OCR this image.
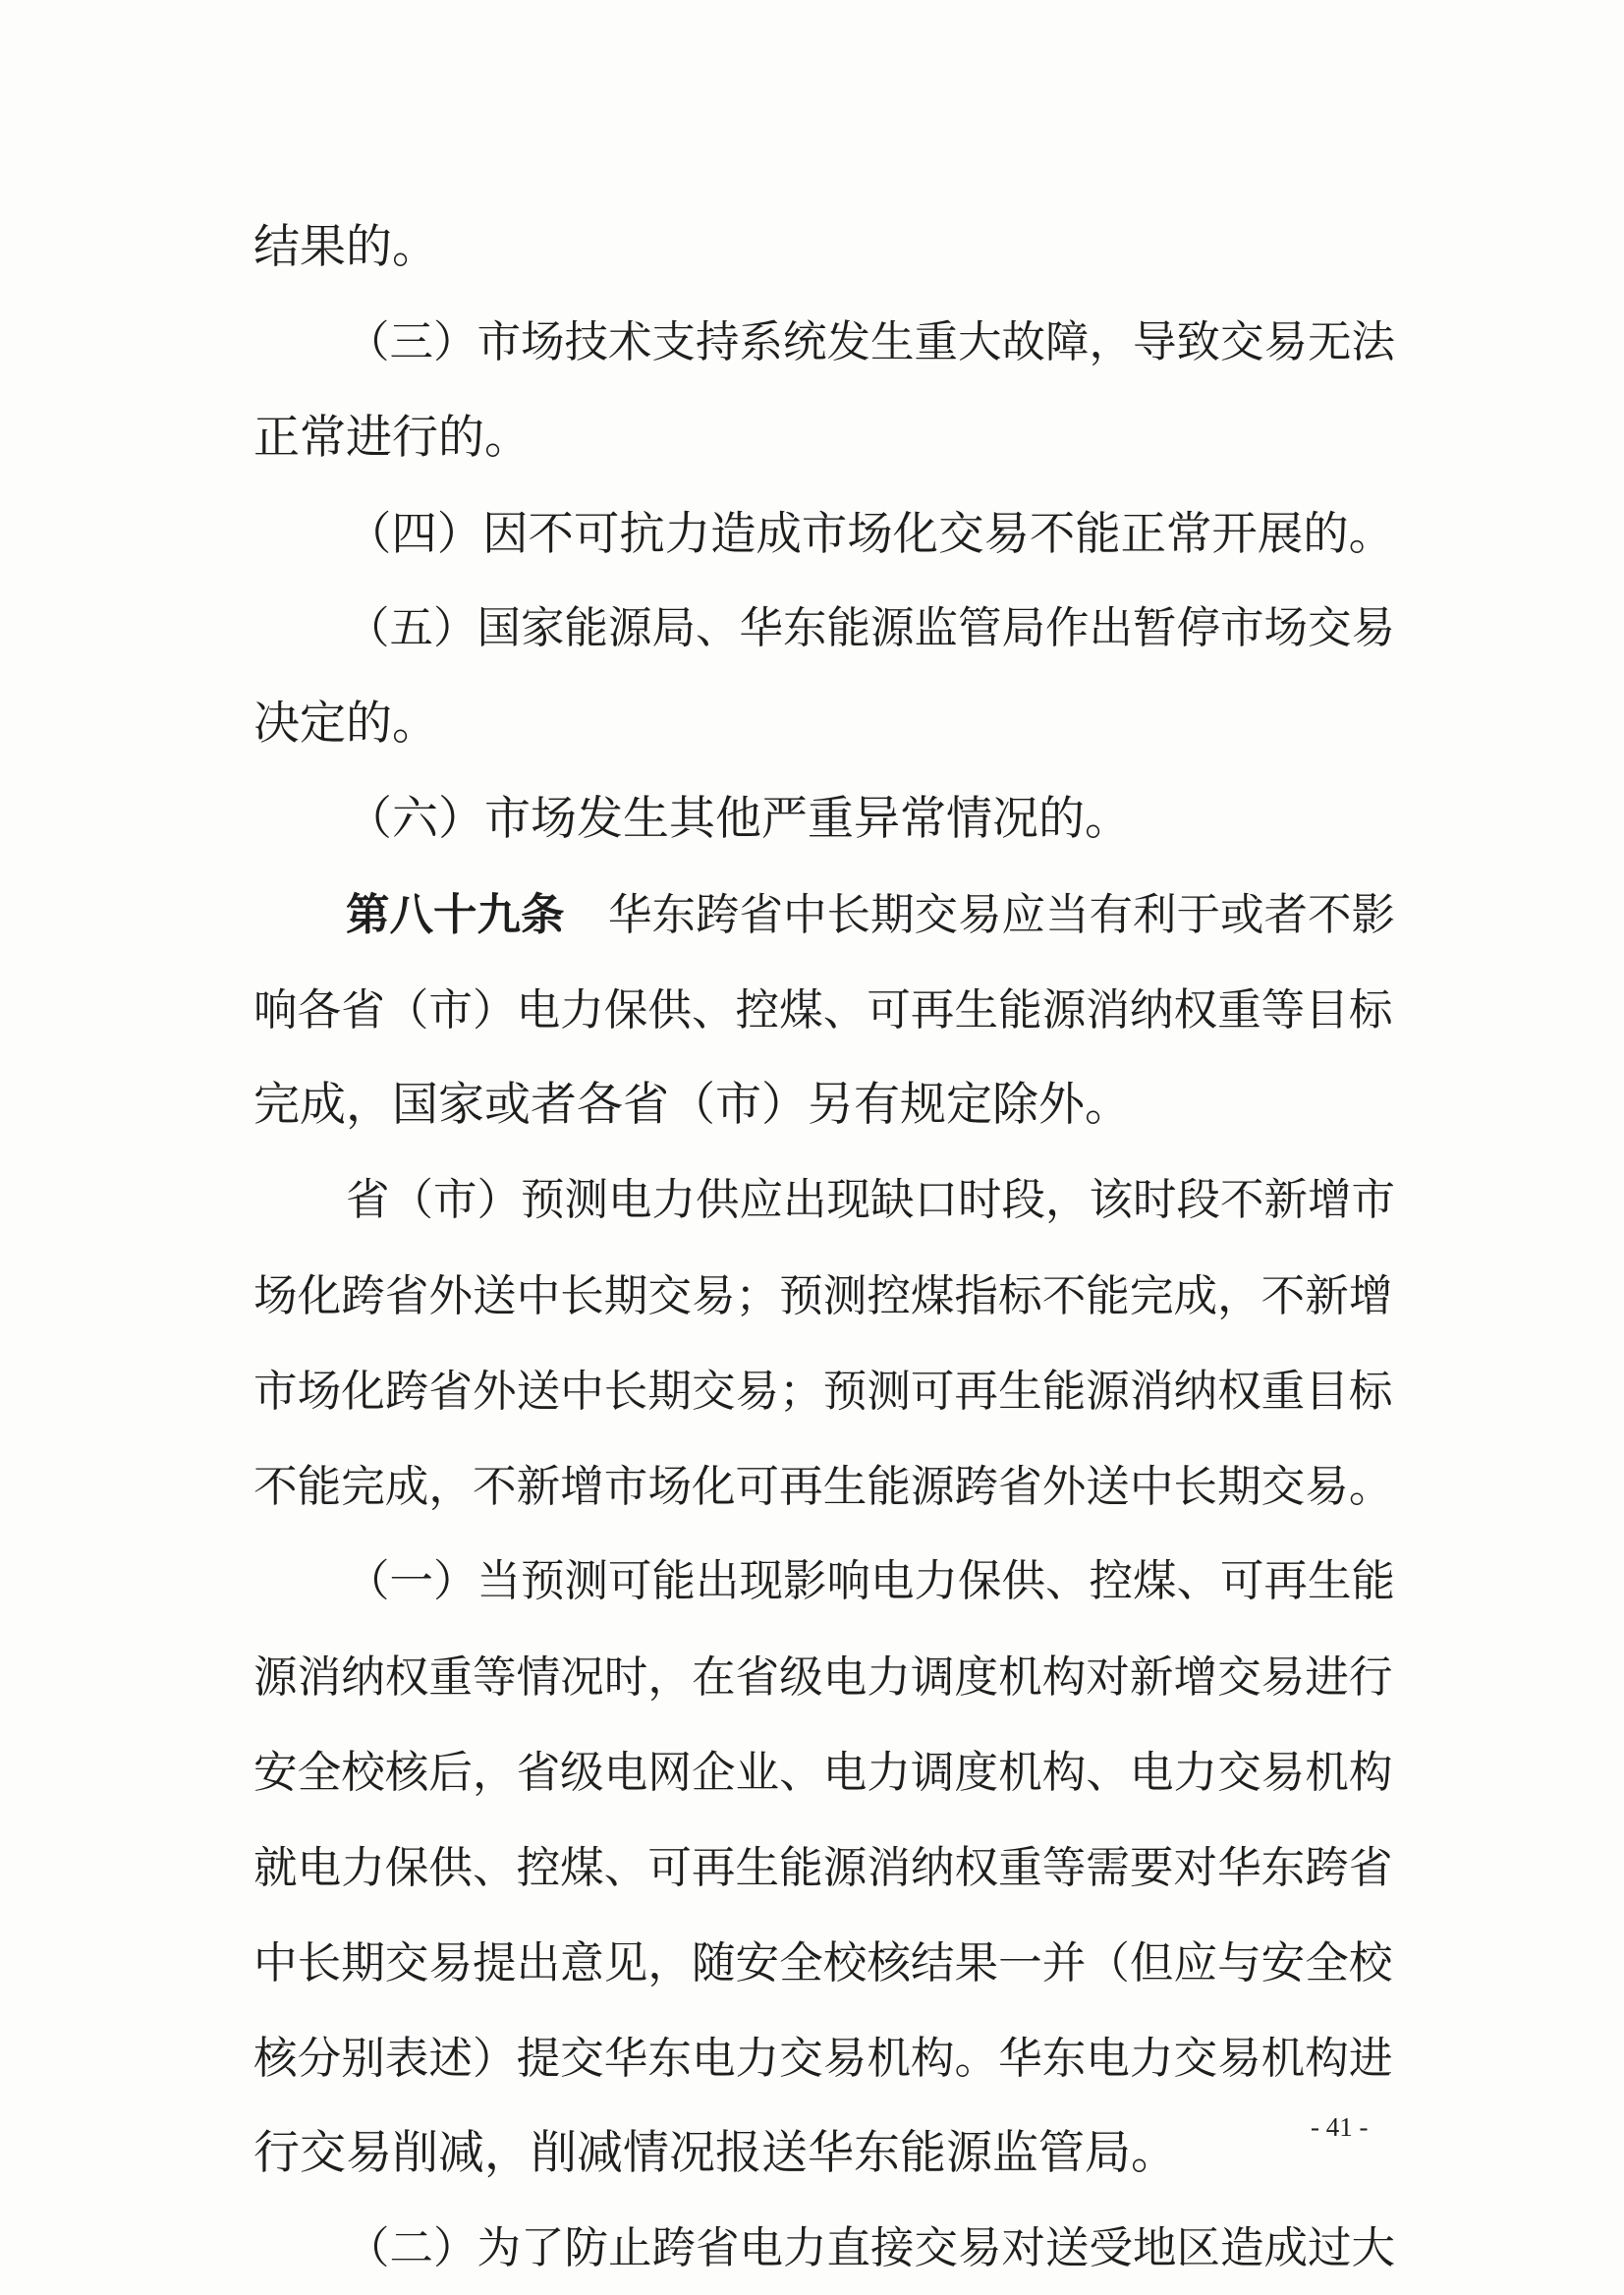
结果的。
（三）市场技术支持系统发生重大故障，导致交易无法
正常进行的。
（四）因不可抗力造成市场化交易不能正常开展的。
（五）国家能源局、华东能源监管局作出暂停市场交易
决定的。
（六）市场发生其他严重异常情况的。
第八十九条　 华东跨省中长期交易应当有利于或者不影
响各省（市）电力保供、控煤、可再生能源消纳权重等目标
完成，国家或者各省（市）另有规定除外。
省（市）预测电力供应出现缺口时段，该时段不新增市
场化跨省外送中长期交易；预测控煤指标不能完成，不新增
市场化跨省外送中长期交易；预测可再生能源消纳权重目标
不能完成，不新增市场化可再生能源跨省外送中长期交易。
（一）当预测可能出现影响电力保供、控煤、可再生能
源消纳权重等情况时，在省级电力调度机构对新增交易进行
安全校核后，省级电网企业、电力调度机构、电力交易机构
就电力保供、控煤、可再生能源消纳权重等需要对华东跨省
中长期交易提出意见，随安全校核结果一并（但应与安全校
核分别表述）提交华东电力交易机构。华东电力交易机构进
行交易削减，削减情况报送华东能源监管局。
（二）为了防止跨省电力直接交易对送受地区造成过大
- 41 -
